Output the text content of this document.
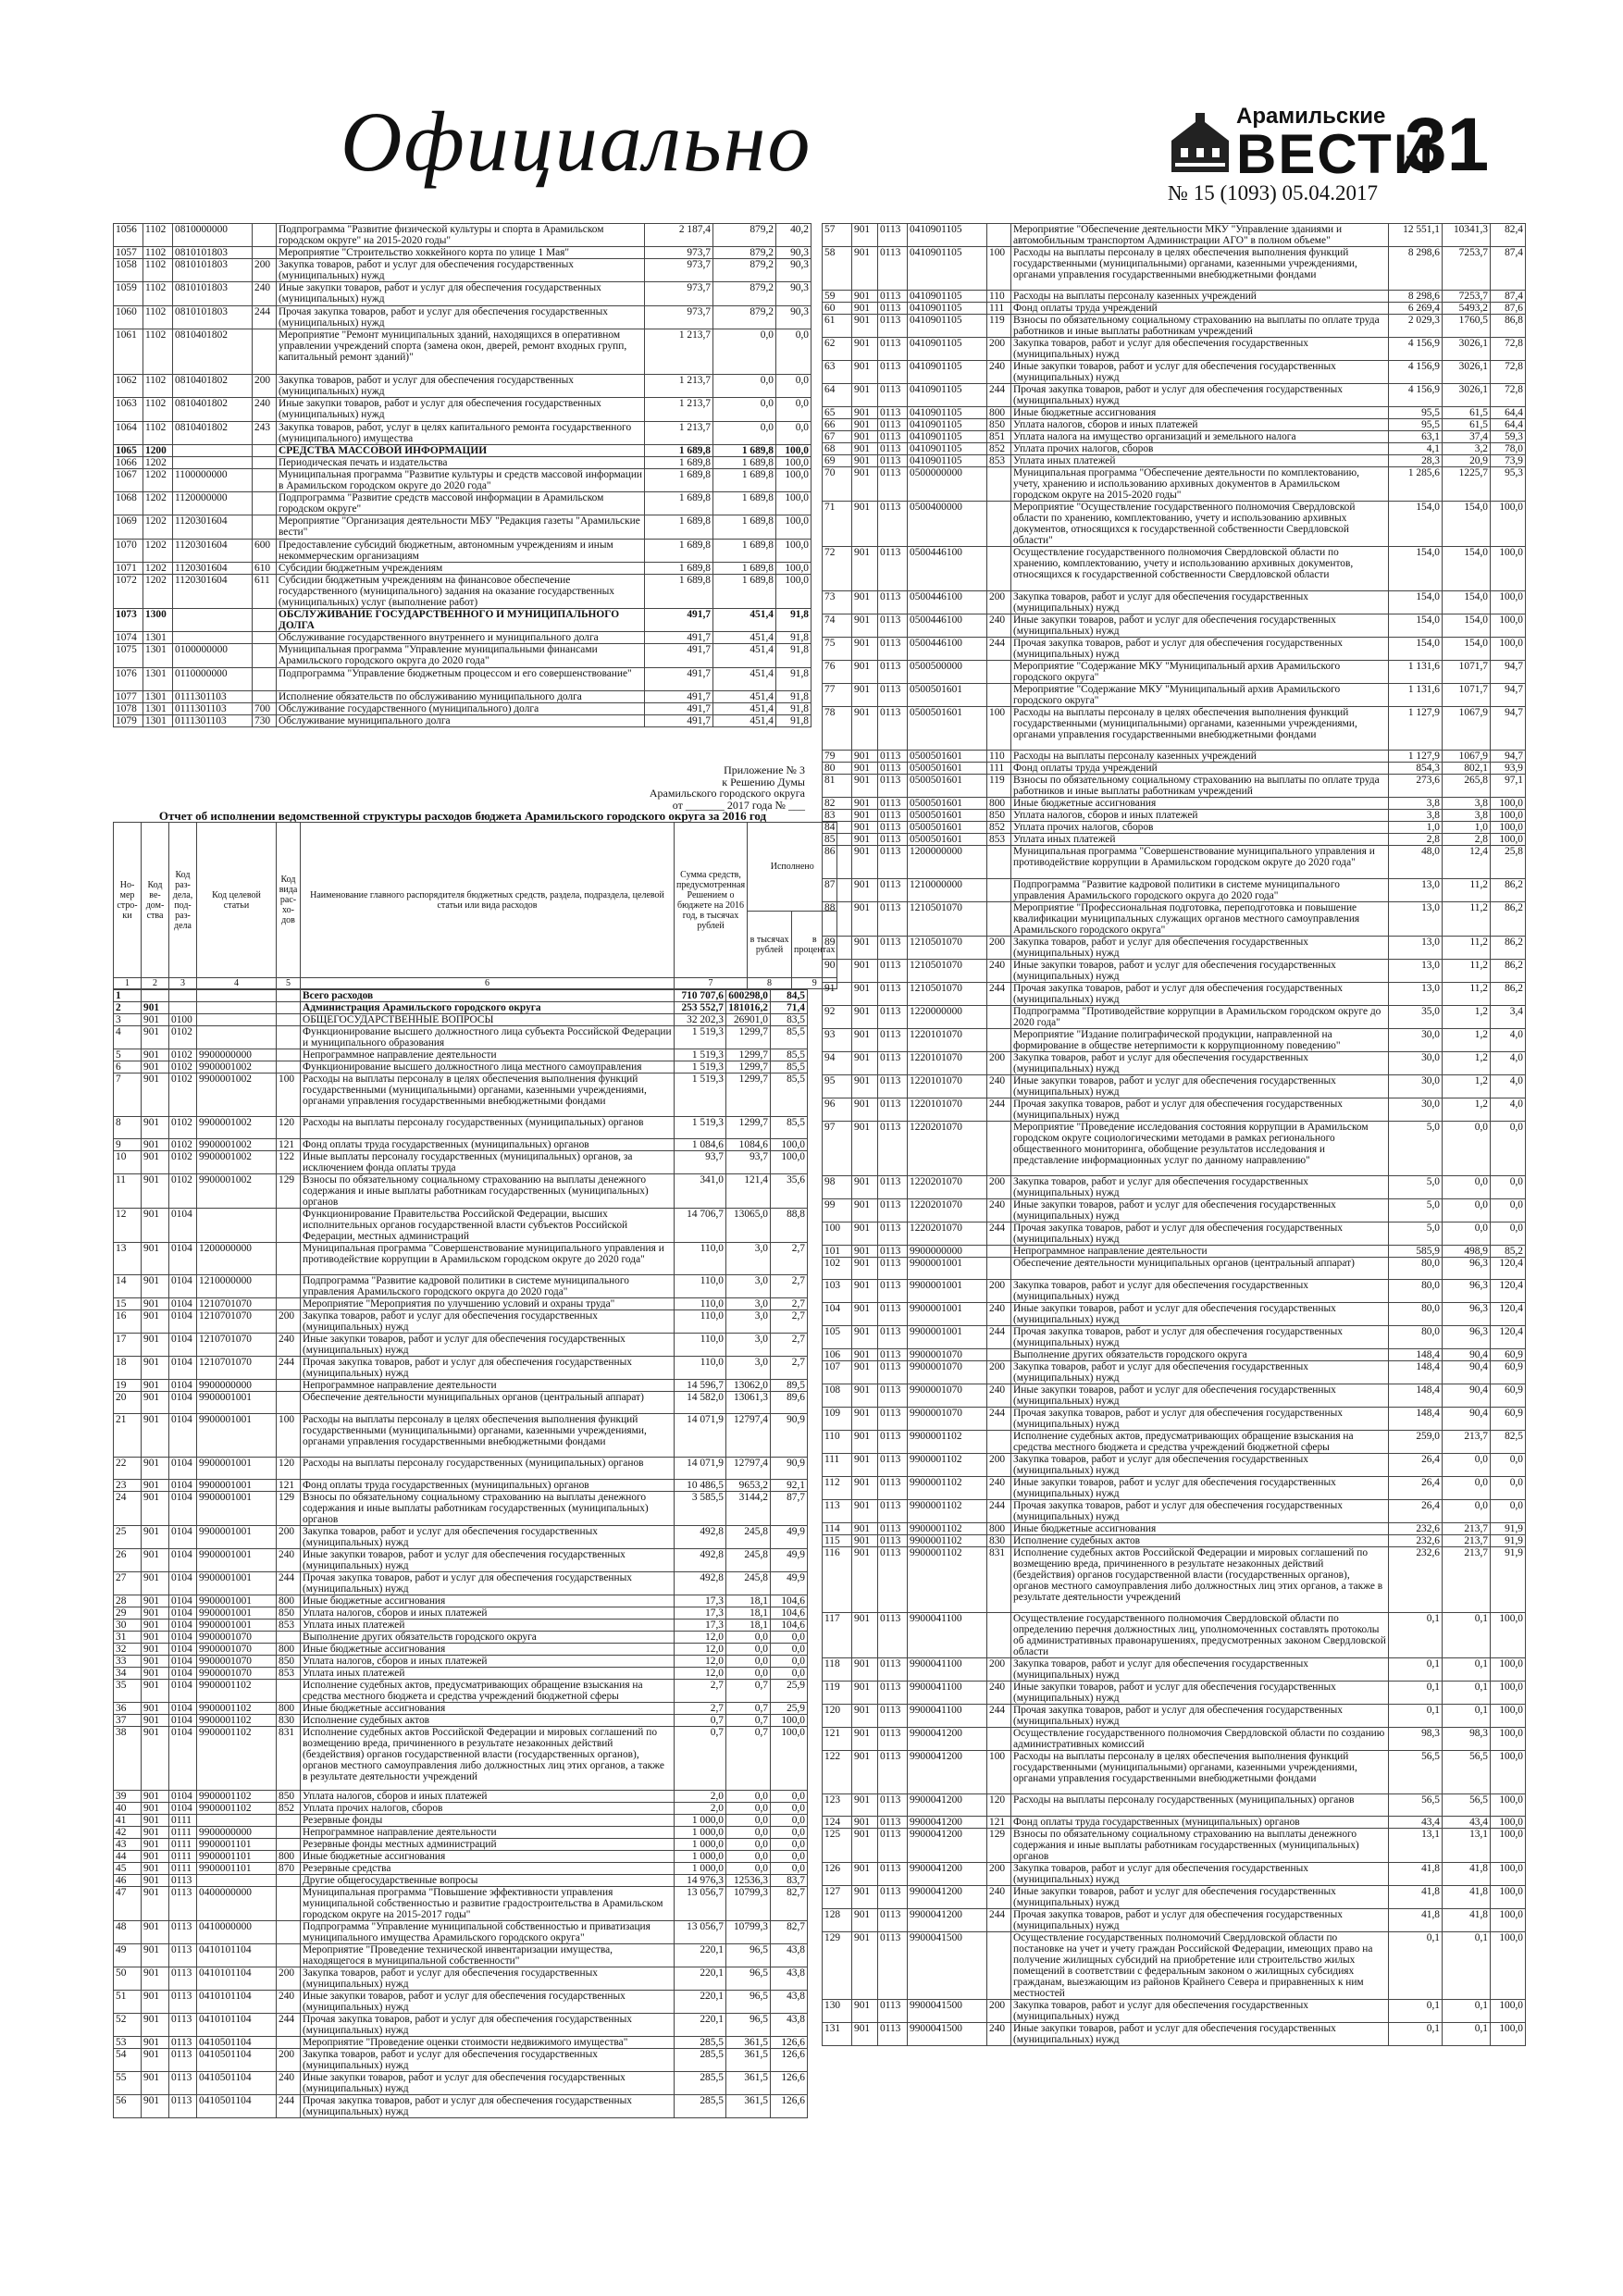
Официально	Арамильские
ВЕСТИ
31
№ 15 (1093) 05.04.2017
1056	1102	0810000000		Подпрограмма "Развитие физической культуры и спорта в Арамильском городском округе" на 2015-2020 годы"	2 187,4	879,2	40,2
1057	1102	0810101803		Мероприятие "Строительство хоккейного корта по улице 1 Мая"	973,7	879,2	90,3
1058	1102	0810101803	200	Закупка товаров, работ и услуг для обеспечения государственных (муниципальных) нужд	973,7	879,2	90,3
1059	1102	0810101803	240	Иные закупки товаров, работ и услуг для обеспечения государственных (муниципальных) нужд	973,7	879,2	90,3
1060	1102	0810101803	244	Прочая закупка товаров, работ и услуг для обеспечения государственных (муниципальных) нужд	973,7	879,2	90,3
1061	1102	0810401802		Мероприятие "Ремонт муниципальных зданий, находящихся в оперативном управлении учреждений спорта (замена окон, дверей, ремонт входных групп, капитальный ремонт зданий)"	1 213,7	0,0	0,0
1062	1102	0810401802	200	Закупка товаров, работ и услуг для обеспечения государственных (муниципальных) нужд	1 213,7	0,0	0,0
1063	1102	0810401802	240	Иные закупки товаров, работ и услуг для обеспечения государственных (муниципальных) нужд	1 213,7	0,0	0,0
1064	1102	0810401802	243	Закупка товаров, работ, услуг в целях капитального ремонта государственного (муниципального) имущества	1 213,7	0,0	0,0
1065	1200			СРЕДСТВА МАССОВОЙ ИНФОРМАЦИИ	1 689,8	1 689,8	100,0
1066	1202			Периодическая печать и издательства	1 689,8	1 689,8	100,0
1067	1202	1100000000		Муниципальная программа "Развитие культуры и средств массовой информации в Арамильском городском округе до 2020 года"	1 689,8	1 689,8	100,0
1068	1202	1120000000		Подпрограмма "Развитие средств массовой информации в Арамильском городском округе"	1 689,8	1 689,8	100,0
1069	1202	1120301604		Мероприятие "Организация деятельности МБУ "Редакция газеты "Арамильские вести"	1 689,8	1 689,8	100,0
1070	1202	1120301604	600	Предоставление субсидий бюджетным, автономным учреждениям и иным некоммерческим организациям	1 689,8	1 689,8	100,0
1071	1202	1120301604	610	Субсидии бюджетным учреждениям	1 689,8	1 689,8	100,0
1072	1202	1120301604	611	Субсидии бюджетным учреждениям на финансовое обеспечение государственного (муниципального) задания на оказание государственных (муниципальных) услуг (выполнение работ)	1 689,8	1 689,8	100,0
1073	1300			ОБСЛУЖИВАНИЕ ГОСУДАРСТВЕННОГО И МУНИЦИПАЛЬНОГО ДОЛГА	491,7	451,4	91,8
1074	1301			Обслуживание государственного внутреннего и муниципального долга	491,7	451,4	91,8
1075	1301	0100000000		Муниципальная программа "Управление муниципальными финансами Арамильского городского округа до 2020 года"	491,7	451,4	91,8
1076	1301	0110000000		Подпрограмма "Управление бюджетным процессом и его совершенствование"	491,7	451,4	91,8
1077	1301	0111301103		Исполнение обязательств по обслуживанию муниципального долга	491,7	451,4	91,8
1078	1301	0111301103	700	Обслуживание государственного (муниципального) долга	491,7	451,4	91,8
1079	1301	0111301103	730	Обслуживание муниципального долга	491,7	451,4	91,8
Приложение № 3
к Решению Думы
Арамильского городского округа
от _______ 2017 года № ___
Отчет об исполнении ведомственной структуры расходов бюджета Арамильского городского округа за 2016 год
Но-мер стро-ки	Код ве-дом-ства	Код раз-дела, под-раз-дела	Код целевой статьи	Код вида рас-хо-дов	Наименование главного распорядителя бюджетных средств, раздела, подраздела, целевой статьи или вида расходов	Сумма средств, предусмотренная Решением о бюджете на 2016 год, в тысячах рублей	Исполнено	
							в тысячах рублей	в процентах
1	2	3	4	5	6	7	8	9
1					Всего расходов	710 707,6	600298,0	84,5
2	901				Администрация Арамильского городского округа	253 552,7	181016,2	71,4
3	901	0100			ОБЩЕГОСУДАРСТВЕННЫЕ ВОПРОСЫ	32 202,3	26901,0	83,5
4	901	0102			Функционирование высшего должностного лица субъекта Российской Федерации и муниципального образования	1 519,3	1299,7	85,5
5	901	0102	9900000000		Непрограммное направление деятельности	1 519,3	1299,7	85,5
6	901	0102	9900001002		Функционирование высшего должностного лица местного самоуправления	1 519,3	1299,7	85,5
7	901	0102	9900001002	100	Расходы на выплаты персоналу в целях обеспечения выполнения функций государственными (муниципальными) органами, казенными учреждениями, органами управления государственными внебюджетными фондами	1 519,3	1299,7	85,5
8	901	0102	9900001002	120	Расходы на выплаты персоналу государственных (муниципальных) органов	1 519,3	1299,7	85,5
9	901	0102	9900001002	121	Фонд оплаты труда государственных (муниципальных) органов	1 084,6	1084,6	100,0
10	901	0102	9900001002	122	Иные выплаты персоналу государственных (муниципальных) органов, за исключением фонда оплаты труда	93,7	93,7	100,0
11	901	0102	9900001002	129	Взносы по обязательному социальному страхованию на выплаты денежного содержания и иные выплаты работникам государственных (муниципальных) органов	341,0	121,4	35,6
12	901	0104			Функционирование Правительства Российской Федерации, высших исполнительных органов государственной власти субъектов Российской Федерации, местных администраций	14 706,7	13065,0	88,8
13	901	0104	1200000000		Муниципальная программа "Совершенствование муниципального управления и противодействие коррупции в Арамильском городском округе до 2020 года"	110,0	3,0	2,7
14	901	0104	1210000000		Подпрограмма "Развитие кадровой политики в системе муниципального управления Арамильского городского округа до 2020 года"	110,0	3,0	2,7
15	901	0104	1210701070		Мероприятие "Мероприятия по улучшению условий и охраны труда"	110,0	3,0	2,7
16	901	0104	1210701070	200	Закупка товаров, работ и услуг для обеспечения государственных (муниципальных) нужд	110,0	3,0	2,7
17	901	0104	1210701070	240	Иные закупки товаров, работ и услуг для обеспечения государственных (муниципальных) нужд	110,0	3,0	2,7
18	901	0104	1210701070	244	Прочая закупка товаров, работ и услуг для обеспечения государственных (муниципальных) нужд	110,0	3,0	2,7
19	901	0104	9900000000		Непрограммное направление деятельности	14 596,7	13062,0	89,5
20	901	0104	9900001001		Обеспечение деятельности муниципальных органов (центральный аппарат)	14 582,0	13061,3	89,6
21	901	0104	9900001001	100	Расходы на выплаты персоналу в целях обеспечения выполнения функций государственными (муниципальными) органами, казенными учреждениями, органами управления государственными внебюджетными фондами	14 071,9	12797,4	90,9
22	901	0104	9900001001	120	Расходы на выплаты персоналу государственных (муниципальных) органов	14 071,9	12797,4	90,9
23	901	0104	9900001001	121	Фонд оплаты труда государственных (муниципальных) органов	10 486,5	9653,2	92,1
24	901	0104	9900001001	129	Взносы по обязательному социальному страхованию на выплаты денежного содержания и иные выплаты работникам государственных (муниципальных) органов	3 585,5	3144,2	87,7
25	901	0104	9900001001	200	Закупка товаров, работ и услуг для обеспечения государственных (муниципальных) нужд	492,8	245,8	49,9
26	901	0104	9900001001	240	Иные закупки товаров, работ и услуг для обеспечения государственных (муниципальных) нужд	492,8	245,8	49,9
27	901	0104	9900001001	244	Прочая закупка товаров, работ и услуг для обеспечения государственных (муниципальных) нужд	492,8	245,8	49,9
28	901	0104	9900001001	800	Иные бюджетные ассигнования	17,3	18,1	104,6
29	901	0104	9900001001	850	Уплата налогов, сборов и иных платежей	17,3	18,1	104,6
30	901	0104	9900001001	853	Уплата иных платежей	17,3	18,1	104,6
31	901	0104	9900001070		Выполнение других обязательств городского округа	12,0	0,0	0,0
32	901	0104	9900001070	800	Иные бюджетные ассигнования	12,0	0,0	0,0
33	901	0104	9900001070	850	Уплата налогов, сборов и иных платежей	12,0	0,0	0,0
34	901	0104	9900001070	853	Уплата иных платежей	12,0	0,0	0,0
35	901	0104	9900001102		Исполнение судебных актов, предусматривающих обращение взыскания на средства местного бюджета и средства учреждений бюджетной сферы	2,7	0,7	25,9
36	901	0104	9900001102	800	Иные бюджетные ассигнования	2,7	0,7	25,9
37	901	0104	9900001102	830	Исполнение судебных актов	0,7	0,7	100,0
38	901	0104	9900001102	831	Исполнение судебных актов Российской Федерации и мировых соглашений по возмещению вреда, причиненного в результате незаконных действий (бездействия) органов государственной власти (государственных органов), органов местного самоуправления либо должностных лиц этих органов, а также в результате деятельности учреждений	0,7	0,7	100,0
39	901	0104	9900001102	850	Уплата налогов, сборов и иных платежей	2,0	0,0	0,0
40	901	0104	9900001102	852	Уплата прочих налогов, сборов	2,0	0,0	0,0
41	901	0111			Резервные фонды	1 000,0	0,0	0,0
42	901	0111	9900000000		Непрограммное направление деятельности	1 000,0	0,0	0,0
43	901	0111	9900001101		Резервные фонды местных администраций	1 000,0	0,0	0,0
44	901	0111	9900001101	800	Иные бюджетные ассигнования	1 000,0	0,0	0,0
45	901	0111	9900001101	870	Резервные средства	1 000,0	0,0	0,0
46	901	0113			Другие общегосударственные вопросы	14 976,3	12536,3	83,7
47	901	0113	0400000000		Муниципальная программа "Повышение эффективности управления муниципальной собственностью и развитие градостроительства в Арамильском городском округе на 2015-2017 годы"	13 056,7	10799,3	82,7
48	901	0113	0410000000		Подпрограмма "Управление муниципальной собственностью и приватизация муниципального имущества Арамильского городского округа"	13 056,7	10799,3	82,7
49	901	0113	0410101104		Мероприятие "Проведение технической инвентаризации имущества, находящегося в муниципальной собственности"	220,1	96,5	43,8
50	901	0113	0410101104	200	Закупка товаров, работ и услуг для обеспечения государственных (муниципальных) нужд	220,1	96,5	43,8
51	901	0113	0410101104	240	Иные закупки товаров, работ и услуг для обеспечения государственных (муниципальных) нужд	220,1	96,5	43,8
52	901	0113	0410101104	244	Прочая закупка товаров, работ и услуг для обеспечения государственных (муниципальных) нужд	220,1	96,5	43,8
53	901	0113	0410501104		Мероприятие "Проведение оценки стоимости недвижимого имущества"	285,5	361,5	126,6
54	901	0113	0410501104	200	Закупка товаров, работ и услуг для обеспечения государственных (муниципальных) нужд	285,5	361,5	126,6
55	901	0113	0410501104	240	Иные закупки товаров, работ и услуг для обеспечения государственных (муниципальных) нужд	285,5	361,5	126,6
56	901	0113	0410501104	244	Прочая закупка товаров, работ и услуг для обеспечения государственных (муниципальных) нужд	285,5	361,5	126,6
57	901	0113	0410901105		Мероприятие "Обеспечение деятельности МКУ "Управление зданиями и автомобильным транспортом Администрации АГО" в полном объеме"	12 551,1	10341,3	82,4
58	901	0113	0410901105	100	Расходы на выплаты персоналу в целях обеспечения выполнения функций государственными (муниципальными) органами, казенными учреждениями, органами управления государственными внебюджетными фондами	8 298,6	7253,7	87,4
59	901	0113	0410901105	110	Расходы на выплаты персоналу казенных учреждений	8 298,6	7253,7	87,4
60	901	0113	0410901105	111	Фонд оплаты труда учреждений	6 269,4	5493,2	87,6
61	901	0113	0410901105	119	Взносы по обязательному социальному страхованию на выплаты по оплате труда работников и иные выплаты работникам учреждений	2 029,3	1760,5	86,8
62	901	0113	0410901105	200	Закупка товаров, работ и услуг для обеспечения государственных (муниципальных) нужд	4 156,9	3026,1	72,8
63	901	0113	0410901105	240	Иные закупки товаров, работ и услуг для обеспечения государственных (муниципальных) нужд	4 156,9	3026,1	72,8
64	901	0113	0410901105	244	Прочая закупка товаров, работ и услуг для обеспечения государственных (муниципальных) нужд	4 156,9	3026,1	72,8
65	901	0113	0410901105	800	Иные бюджетные ассигнования	95,5	61,5	64,4
66	901	0113	0410901105	850	Уплата налогов, сборов и иных платежей	95,5	61,5	64,4
67	901	0113	0410901105	851	Уплата налога на имущество организаций и земельного налога	63,1	37,4	59,3
68	901	0113	0410901105	852	Уплата прочих налогов, сборов	4,1	3,2	78,0
69	901	0113	0410901105	853	Уплата иных платежей	28,3	20,9	73,9
70	901	0113	0500000000		Муниципальная программа "Обеспечение деятельности по комплектованию, учету, хранению и использованию архивных документов в Арамильском городском округе на 2015-2020 годы"	1 285,6	1225,7	95,3
71	901	0113	0500400000		Мероприятие "Осуществление государственного полномочия Свердловской области по хранению, комплектованию, учету и использованию архивных документов, относящихся к государственной собственности Свердловской области"	154,0	154,0	100,0
72	901	0113	0500446100		Осуществление государственного полномочия Свердловской области по хранению, комплектованию, учету и использованию архивных документов, относящихся к государственной собственности Свердловской области	154,0	154,0	100,0
73	901	0113	0500446100	200	Закупка товаров, работ и услуг для обеспечения государственных (муниципальных) нужд	154,0	154,0	100,0
74	901	0113	0500446100	240	Иные закупки товаров, работ и услуг для обеспечения государственных (муниципальных) нужд	154,0	154,0	100,0
75	901	0113	0500446100	244	Прочая закупка товаров, работ и услуг для обеспечения государственных (муниципальных) нужд	154,0	154,0	100,0
76	901	0113	0500500000		Мероприятие "Содержание МКУ "Муниципальный архив Арамильского городского округа"	1 131,6	1071,7	94,7
77	901	0113	0500501601		Мероприятие "Содержание МКУ "Муниципальный архив Арамильского городского округа"	1 131,6	1071,7	94,7
78	901	0113	0500501601	100	Расходы на выплаты персоналу в целях обеспечения выполнения функций государственными (муниципальными) органами, казенными учреждениями, органами управления государственными внебюджетными фондами	1 127,9	1067,9	94,7
79	901	0113	0500501601	110	Расходы на выплаты персоналу казенных учреждений	1 127,9	1067,9	94,7
80	901	0113	0500501601	111	Фонд оплаты труда учреждений	854,3	802,1	93,9
81	901	0113	0500501601	119	Взносы по обязательному социальному страхованию на выплаты по оплате труда работников и иные выплаты работникам учреждений	273,6	265,8	97,1
82	901	0113	0500501601	800	Иные бюджетные ассигнования	3,8	3,8	100,0
83	901	0113	0500501601	850	Уплата налогов, сборов и иных платежей	3,8	3,8	100,0
84	901	0113	0500501601	852	Уплата прочих налогов, сборов	1,0	1,0	100,0
85	901	0113	0500501601	853	Уплата иных платежей	2,8	2,8	100,0
86	901	0113	1200000000		Муниципальная программа "Совершенствование муниципального управления и противодействие коррупции в Арамильском городском округе до 2020 года"	48,0	12,4	25,8
87	901	0113	1210000000		Подпрограмма "Развитие кадровой политики в системе муниципального управления Арамильского городского округа до 2020 года"	13,0	11,2	86,2
88	901	0113	1210501070		Мероприятие "Профессиональная подготовка, переподготовка и повышение квалификации муниципальных служащих органов местного самоуправления Арамильского городского округа"	13,0	11,2	86,2
89	901	0113	1210501070	200	Закупка товаров, работ и услуг для обеспечения государственных (муниципальных) нужд	13,0	11,2	86,2
90	901	0113	1210501070	240	Иные закупки товаров, работ и услуг для обеспечения государственных (муниципальных) нужд	13,0	11,2	86,2
91	901	0113	1210501070	244	Прочая закупка товаров, работ и услуг для обеспечения государственных (муниципальных) нужд	13,0	11,2	86,2
92	901	0113	1220000000		Подпрограмма "Противодействие коррупции в Арамильском городском округе до 2020 года"	35,0	1,2	3,4
93	901	0113	1220101070		Мероприятие "Издание полиграфической продукции, направленной на формирование в обществе нетерпимости к коррупционному поведению"	30,0	1,2	4,0
94	901	0113	1220101070	200	Закупка товаров, работ и услуг для обеспечения государственных (муниципальных) нужд	30,0	1,2	4,0
95	901	0113	1220101070	240	Иные закупки товаров, работ и услуг для обеспечения государственных (муниципальных) нужд	30,0	1,2	4,0
96	901	0113	1220101070	244	Прочая закупка товаров, работ и услуг для обеспечения государственных (муниципальных) нужд	30,0	1,2	4,0
97	901	0113	1220201070		Мероприятие "Проведение исследования состояния коррупции в Арамильском городском округе социологическими методами в рамках регионального общественного мониторинга, обобщение результатов исследования и представление информационных услуг по данному направлению"	5,0	0,0	0,0
98	901	0113	1220201070	200	Закупка товаров, работ и услуг для обеспечения государственных (муниципальных) нужд	5,0	0,0	0,0
99	901	0113	1220201070	240	Иные закупки товаров, работ и услуг для обеспечения государственных (муниципальных) нужд	5,0	0,0	0,0
100	901	0113	1220201070	244	Прочая закупка товаров, работ и услуг для обеспечения государственных (муниципальных) нужд	5,0	0,0	0,0
101	901	0113	9900000000		Непрограммное направление деятельности	585,9	498,9	85,2
102	901	0113	9900001001		Обеспечение деятельности муниципальных органов (центральный аппарат)	80,0	96,3	120,4
103	901	0113	9900001001	200	Закупка товаров, работ и услуг для обеспечения государственных (муниципальных) нужд	80,0	96,3	120,4
104	901	0113	9900001001	240	Иные закупки товаров, работ и услуг для обеспечения государственных (муниципальных) нужд	80,0	96,3	120,4
105	901	0113	9900001001	244	Прочая закупка товаров, работ и услуг для обеспечения государственных (муниципальных) нужд	80,0	96,3	120,4
106	901	0113	9900001070		Выполнение других обязательств городского округа	148,4	90,4	60,9
107	901	0113	9900001070	200	Закупка товаров, работ и услуг для обеспечения государственных (муниципальных) нужд	148,4	90,4	60,9
108	901	0113	9900001070	240	Иные закупки товаров, работ и услуг для обеспечения государственных (муниципальных) нужд	148,4	90,4	60,9
109	901	0113	9900001070	244	Прочая закупка товаров, работ и услуг для обеспечения государственных (муниципальных) нужд	148,4	90,4	60,9
110	901	0113	9900001102		Исполнение судебных актов, предусматривающих обращение взыскания на средства местного бюджета и средства учреждений бюджетной сферы	259,0	213,7	82,5
111	901	0113	9900001102	200	Закупка товаров, работ и услуг для обеспечения государственных (муниципальных) нужд	26,4	0,0	0,0
112	901	0113	9900001102	240	Иные закупки товаров, работ и услуг для обеспечения государственных (муниципальных) нужд	26,4	0,0	0,0
113	901	0113	9900001102	244	Прочая закупка товаров, работ и услуг для обеспечения государственных (муниципальных) нужд	26,4	0,0	0,0
114	901	0113	9900001102	800	Иные бюджетные ассигнования	232,6	213,7	91,9
115	901	0113	9900001102	830	Исполнение судебных актов	232,6	213,7	91,9
116	901	0113	9900001102	831	Исполнение судебных актов Российской Федерации и мировых соглашений по возмещению вреда, причиненного в результате незаконных действий (бездействия) органов государственной власти (государственных органов), органов местного самоуправления либо должностных лиц этих органов, а также в результате деятельности учреждений	232,6	213,7	91,9
117	901	0113	9900041100		Осуществление государственного полномочия Свердловской области по определению перечня должностных лиц, уполномоченных составлять протоколы об административных правонарушениях, предусмотренных законом Свердловской области	0,1	0,1	100,0
118	901	0113	9900041100	200	Закупка товаров, работ и услуг для обеспечения государственных (муниципальных) нужд	0,1	0,1	100,0
119	901	0113	9900041100	240	Иные закупки товаров, работ и услуг для обеспечения государственных (муниципальных) нужд	0,1	0,1	100,0
120	901	0113	9900041100	244	Прочая закупка товаров, работ и услуг для обеспечения государственных (муниципальных) нужд	0,1	0,1	100,0
121	901	0113	9900041200		Осуществление государственного полномочия Свердловской области по созданию административных комиссий	98,3	98,3	100,0
122	901	0113	9900041200	100	Расходы на выплаты персоналу в целях обеспечения выполнения функций государственными (муниципальными) органами, казенными учреждениями, органами управления государственными внебюджетными фондами	56,5	56,5	100,0
123	901	0113	9900041200	120	Расходы на выплаты персоналу государственных (муниципальных) органов	56,5	56,5	100,0
124	901	0113	9900041200	121	Фонд оплаты труда государственных (муниципальных) органов	43,4	43,4	100,0
125	901	0113	9900041200	129	Взносы по обязательному социальному страхованию на выплаты денежного содержания и иные выплаты работникам государственных (муниципальных) органов	13,1	13,1	100,0
126	901	0113	9900041200	200	Закупка товаров, работ и услуг для обеспечения государственных (муниципальных) нужд	41,8	41,8	100,0
127	901	0113	9900041200	240	Иные закупки товаров, работ и услуг для обеспечения государственных (муниципальных) нужд	41,8	41,8	100,0
128	901	0113	9900041200	244	Прочая закупка товаров, работ и услуг для обеспечения государственных (муниципальных) нужд	41,8	41,8	100,0
129	901	0113	9900041500		Осуществление государственных полномочий Свердловской области по постановке на учет и учету граждан Российской Федерации, имеющих право на получение жилищных субсидий на приобретение или строительство жилых помещений в соответствии с федеральным законом о жилищных субсидиях гражданам, выезжающим из районов Крайнего Севера и приравненных к ним местностей	0,1	0,1	100,0
130	901	0113	9900041500	200	Закупка товаров, работ и услуг для обеспечения государственных (муниципальных) нужд	0,1	0,1	100,0
131	901	0113	9900041500	240	Иные закупки товаров, работ и услуг для обеспечения государственных (муниципальных) нужд	0,1	0,1	100,0
